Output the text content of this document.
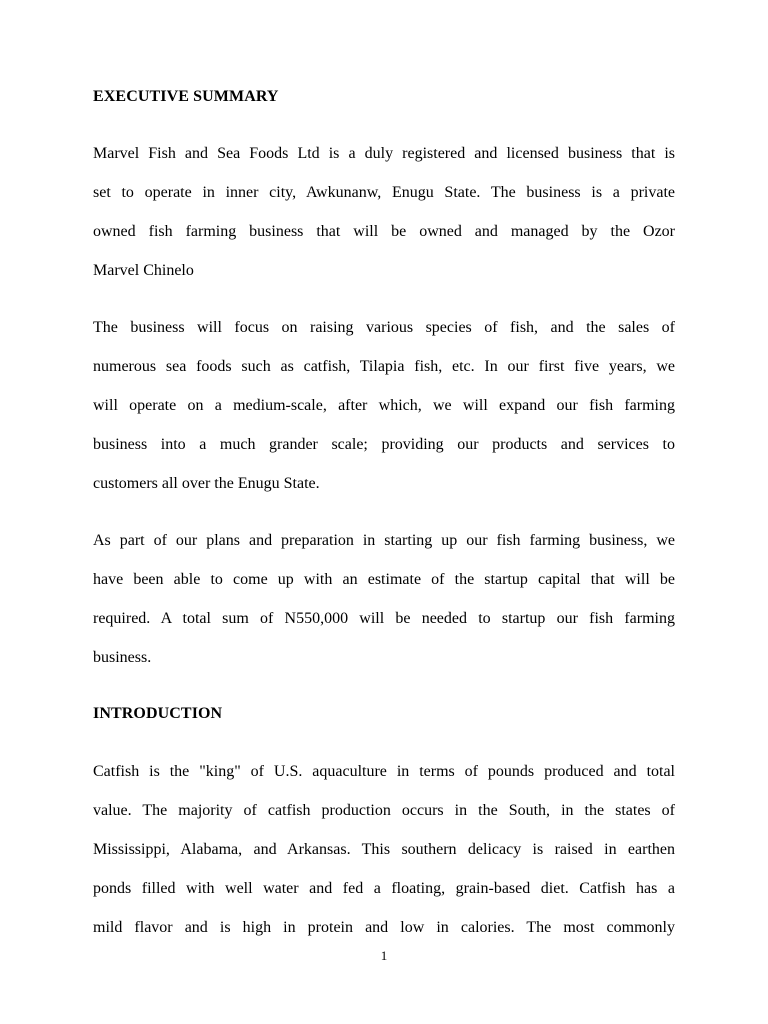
EXECUTIVE SUMMARY
Marvel Fish and Sea Foods Ltd is a duly registered and licensed business that is
set to operate in inner city, Awkunanw, Enugu State. The business is a private
owned fish farming business that will be owned and managed by the Ozor
Marvel Chinelo
The business will focus on raising various species of fish, and the sales of
numerous sea foods such as catfish, Tilapia fish, etc. In our first five years, we
will operate on a medium-scale, after which, we will expand our fish farming
business into a much grander scale; providing our products and services to
customers all over the Enugu State.
As part of our plans and preparation in starting up our fish farming business, we
have been able to come up with an estimate of the startup capital that will be
required. A total sum of N550,000 will be needed to startup our fish farming
business.
INTRODUCTION
Catfish is the "king" of U.S. aquaculture in terms of pounds produced and total
value. The majority of catfish production occurs in the South, in the states of
Mississippi, Alabama, and Arkansas. This southern delicacy is raised in earthen
ponds filled with well water and fed a floating, grain-based diet. Catfish has a
mild flavor and is high in protein and low in calories. The most commonly
1
